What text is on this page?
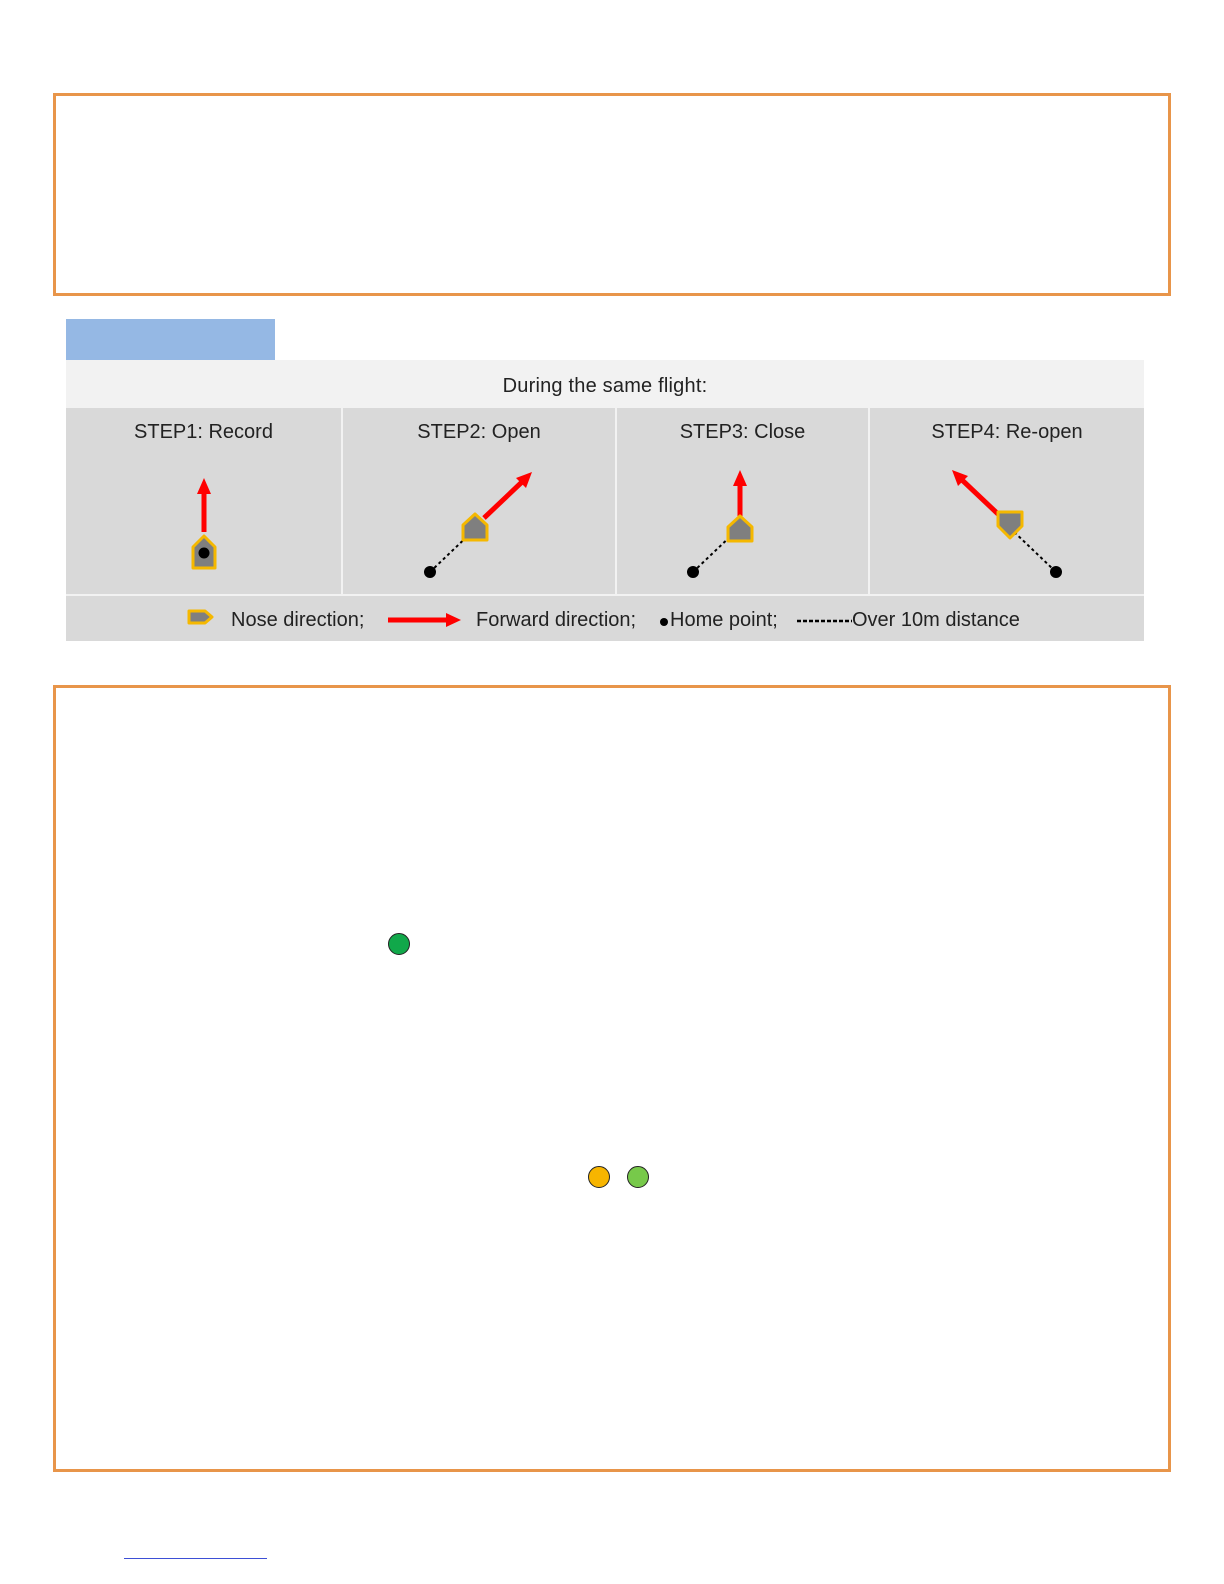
During the same flight:
STEP1: Record	STEP2: Open	STEP3: Close	STEP4: Re-open
Nose direction;	Forward direction; Home point;	Over 10m distance
